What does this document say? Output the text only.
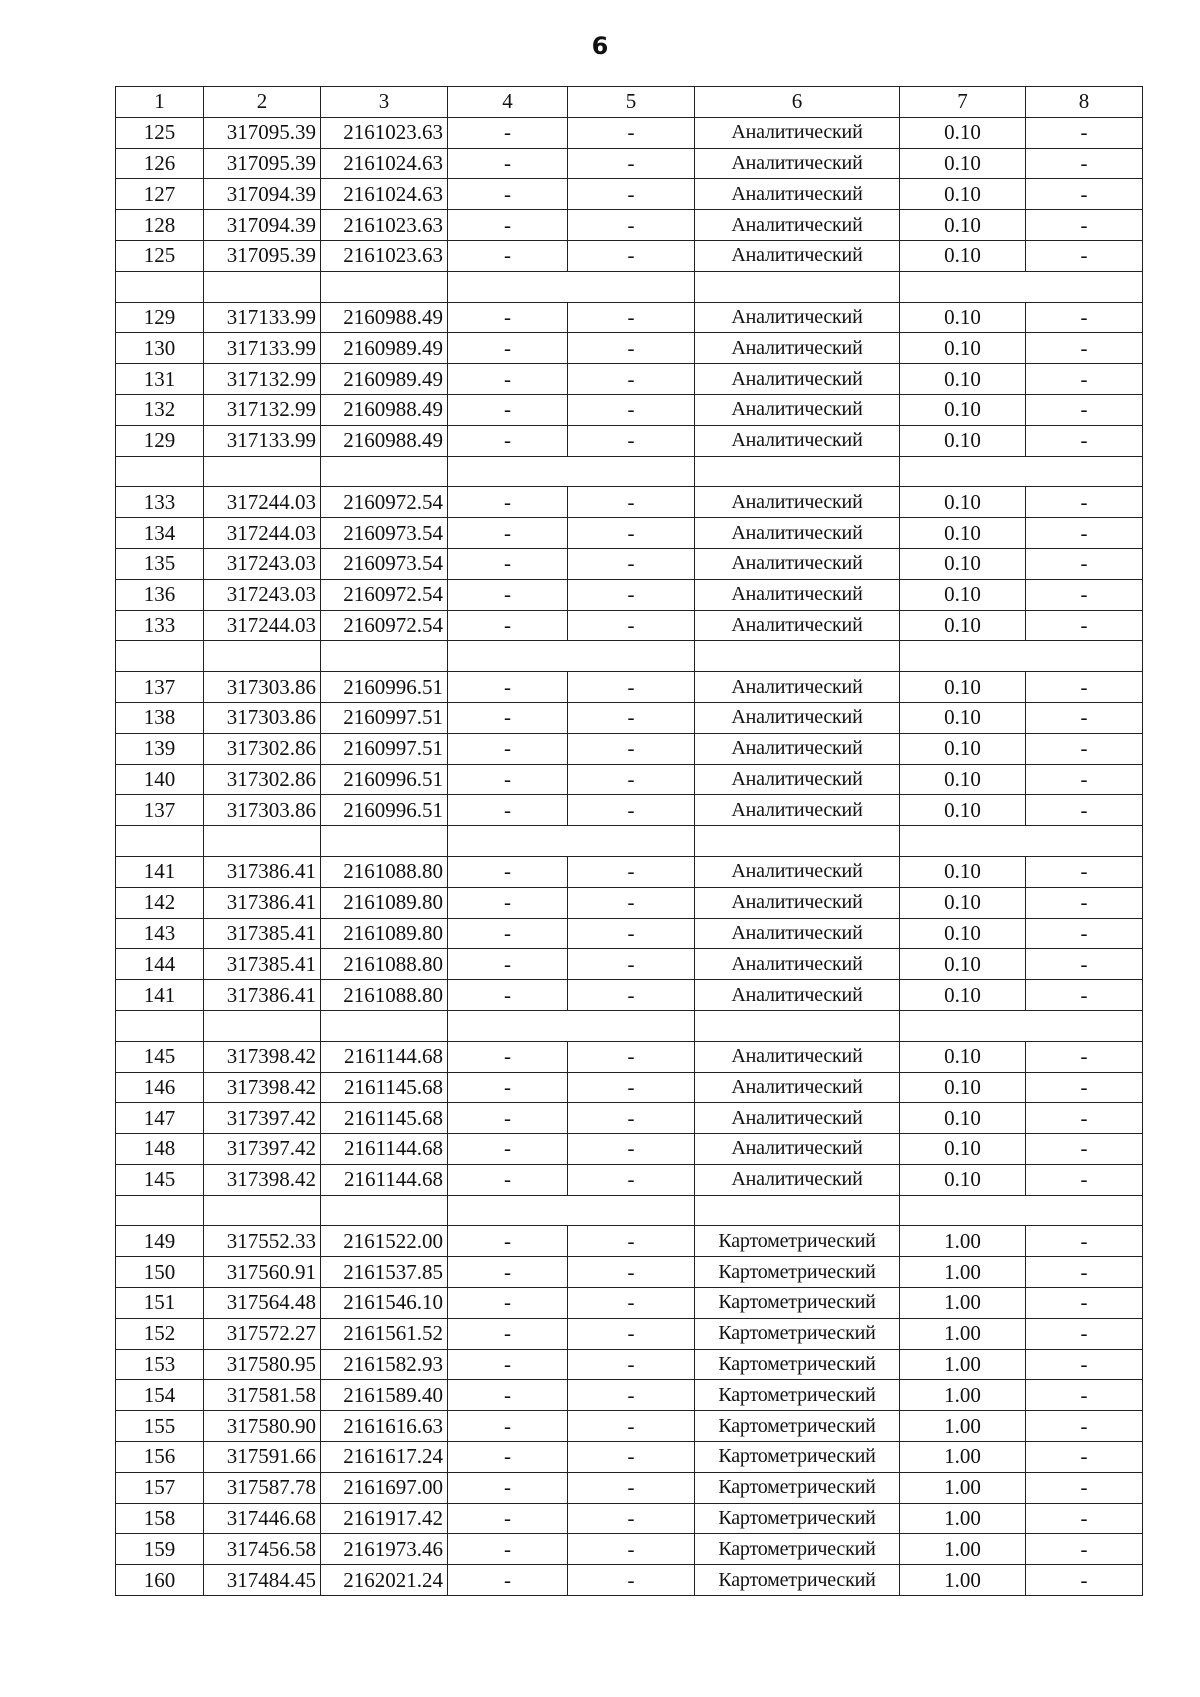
6
1	2	3	4	5	6	7	8
125	317095.39	2161023.63	-	-	Аналитический	0.10	-
126	317095.39	2161024.63	-	-	Аналитический	0.10	-
127	317094.39	2161024.63	-	-	Аналитический	0.10	-
128	317094.39	2161023.63	-	-	Аналитический	0.10	-
125	317095.39	2161023.63	-	-	Аналитический	0.10	-

129	317133.99	2160988.49	-	-	Аналитический	0.10	-
130	317133.99	2160989.49	-	-	Аналитический	0.10	-
131	317132.99	2160989.49	-	-	Аналитический	0.10	-
132	317132.99	2160988.49	-	-	Аналитический	0.10	-
129	317133.99	2160988.49	-	-	Аналитический	0.10	-

133	317244.03	2160972.54	-	-	Аналитический	0.10	-
134	317244.03	2160973.54	-	-	Аналитический	0.10	-
135	317243.03	2160973.54	-	-	Аналитический	0.10	-
136	317243.03	2160972.54	-	-	Аналитический	0.10	-
133	317244.03	2160972.54	-	-	Аналитический	0.10	-

137	317303.86	2160996.51	-	-	Аналитический	0.10	-
138	317303.86	2160997.51	-	-	Аналитический	0.10	-
139	317302.86	2160997.51	-	-	Аналитический	0.10	-
140	317302.86	2160996.51	-	-	Аналитический	0.10	-
137	317303.86	2160996.51	-	-	Аналитический	0.10	-

141	317386.41	2161088.80	-	-	Аналитический	0.10	-
142	317386.41	2161089.80	-	-	Аналитический	0.10	-
143	317385.41	2161089.80	-	-	Аналитический	0.10	-
144	317385.41	2161088.80	-	-	Аналитический	0.10	-
141	317386.41	2161088.80	-	-	Аналитический	0.10	-

145	317398.42	2161144.68	-	-	Аналитический	0.10	-
146	317398.42	2161145.68	-	-	Аналитический	0.10	-
147	317397.42	2161145.68	-	-	Аналитический	0.10	-
148	317397.42	2161144.68	-	-	Аналитический	0.10	-
145	317398.42	2161144.68	-	-	Аналитический	0.10	-

149	317552.33	2161522.00	-	-	Картометрический	1.00	-
150	317560.91	2161537.85	-	-	Картометрический	1.00	-
151	317564.48	2161546.10	-	-	Картометрический	1.00	-
152	317572.27	2161561.52	-	-	Картометрический	1.00	-
153	317580.95	2161582.93	-	-	Картометрический	1.00	-
154	317581.58	2161589.40	-	-	Картометрический	1.00	-
155	317580.90	2161616.63	-	-	Картометрический	1.00	-
156	317591.66	2161617.24	-	-	Картометрический	1.00	-
157	317587.78	2161697.00	-	-	Картометрический	1.00	-
158	317446.68	2161917.42	-	-	Картометрический	1.00	-
159	317456.58	2161973.46	-	-	Картометрический	1.00	-
160	317484.45	2162021.24	-	-	Картометрический	1.00	-
